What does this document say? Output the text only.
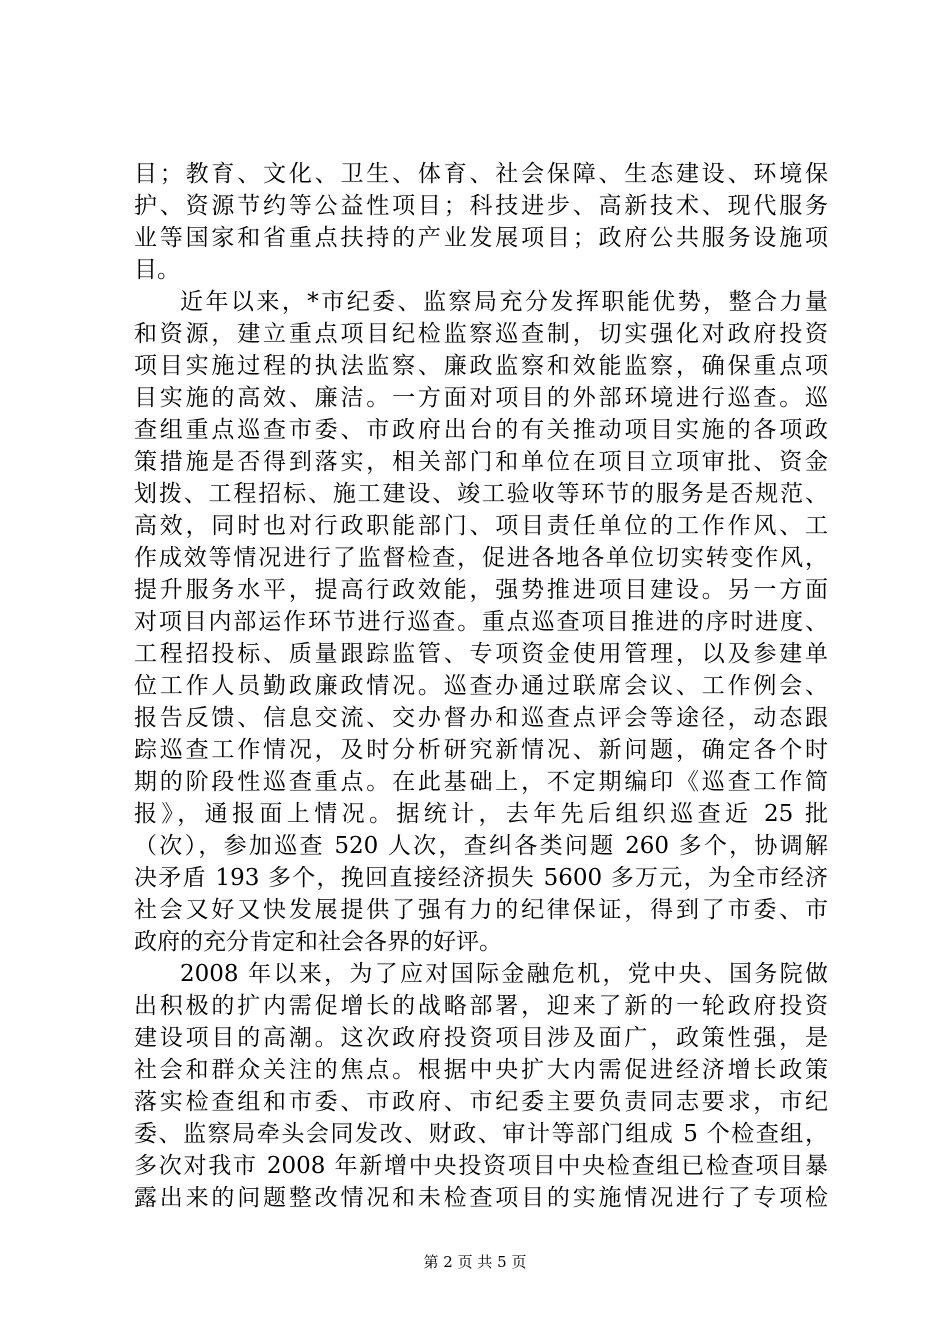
目；教育、文化、卫生、体育、社会保障、生态建设、环境保
护、资源节约等公益性项目；科技进步、高新技术、现代服务
业等国家和省重点扶持的产业发展项目；政府公共服务设施项
目。
近年以来，*市纪委、监察局充分发挥职能优势，整合力量
和资源，建立重点项目纪检监察巡查制，切实强化对政府投资
项目实施过程的执法监察、廉政监察和效能监察，确保重点项
目实施的高效、廉洁。一方面对项目的外部环境进行巡查。巡
查组重点巡查市委、市政府出台的有关推动项目实施的各项政
策措施是否得到落实，相关部门和单位在项目立项审批、资金
划拨、工程招标、施工建设、竣工验收等环节的服务是否规范、
高效，同时也对行政职能部门、项目责任单位的工作作风、工
作成效等情况进行了监督检查，促进各地各单位切实转变作风，
提升服务水平，提高行政效能，强势推进项目建设。另一方面
对项目内部运作环节进行巡查。重点巡查项目推进的序时进度、
工程招投标、质量跟踪监管、专项资金使用管理，以及参建单
位工作人员勤政廉政情况。巡查办通过联席会议、工作例会、
报告反馈、信息交流、交办督办和巡查点评会等途径，动态跟
踪巡查工作情况，及时分析研究新情况、新问题，确定各个时
期的阶段性巡查重点。在此基础上，不定期编印《巡查工作简
报》，通报面上情况。据统计，去年先后组织巡查近 25 批
（次），参加巡查 520 人次，查纠各类问题 260 多个，协调解
决矛盾 193 多个，挽回直接经济损失 5600 多万元，为全市经济
社会又好又快发展提供了强有力的纪律保证，得到了市委、市
政府的充分肯定和社会各界的好评。
2008 年以来，为了应对国际金融危机，党中央、国务院做
出积极的扩内需促增长的战略部署，迎来了新的一轮政府投资
建设项目的高潮。这次政府投资项目涉及面广，政策性强，是
社会和群众关注的焦点。根据中央扩大内需促进经济增长政策
落实检查组和市委、市政府、市纪委主要负责同志要求，市纪
委、监察局牵头会同发改、财政、审计等部门组成 5 个检查组，
多次对我市 2008 年新增中央投资项目中央检查组已检查项目暴
露出来的问题整改情况和未检查项目的实施情况进行了专项检
第 2 页 共 5 页
